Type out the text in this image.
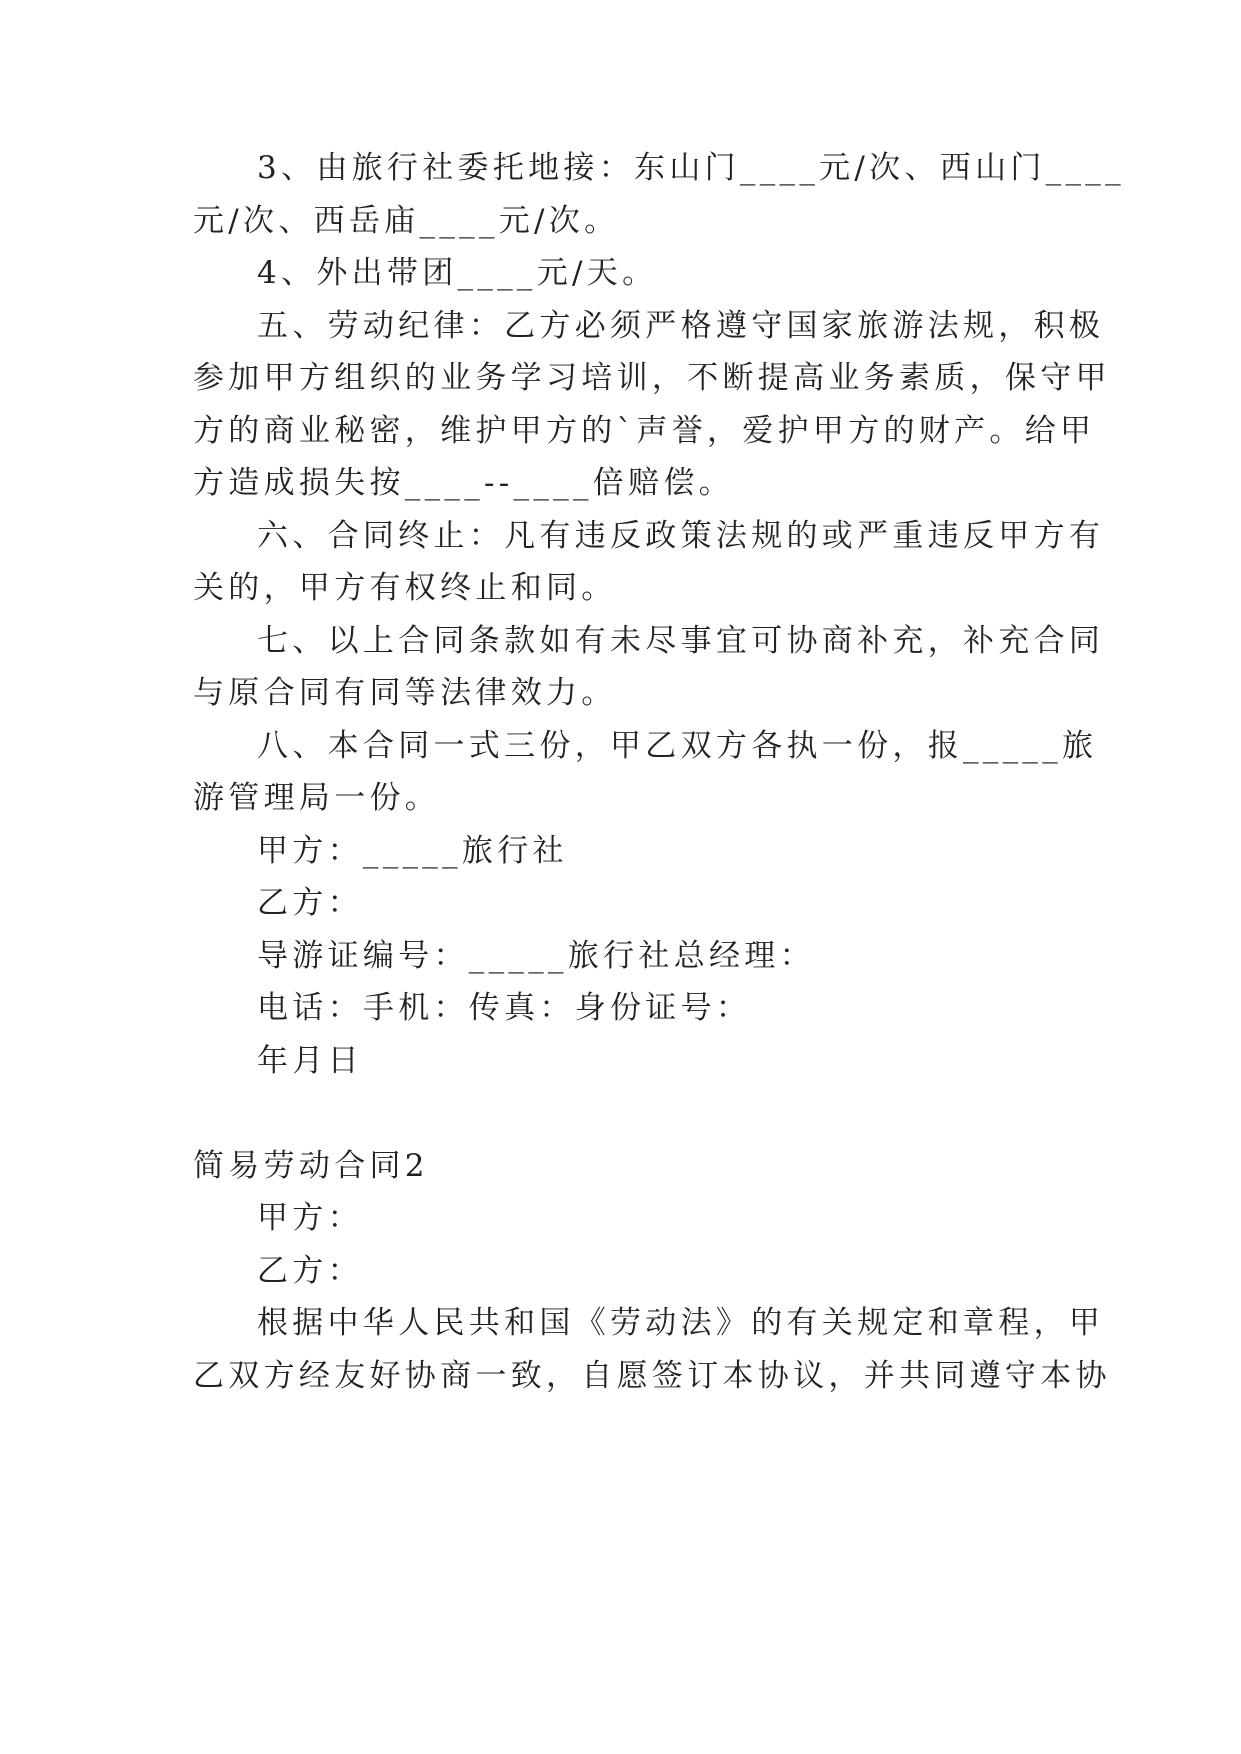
3、由旅行社委托地接：东山门____元/次、西山门____

元/次、西岳庙____元/次。

4、外出带团____元/天。

五、劳动纪律：乙方必须严格遵守国家旅游法规，积极

参加甲方组织的业务学习培训，不断提高业务素质，保守甲

方的商业秘密，维护甲方的`声誉，爱护甲方的财产。给甲

方造成损失按____--____倍赔偿。

六、合同终止：凡有违反政策法规的或严重违反甲方有

关的，甲方有权终止和同。

七、以上合同条款如有未尽事宜可协商补充，补充合同

与原合同有同等法律效力。

八、本合同一式三份，甲乙双方各执一份，报_____旅

游管理局一份。

甲方：_____旅行社

乙方：

导游证编号：_____旅行社总经理：

电话：手机：传真：身份证号：

年月日

简易劳动合同2

甲方：

乙方：

根据中华人民共和国《劳动法》的有关规定和章程，甲

乙双方经友好协商一致，自愿签订本协议，并共同遵守本协
